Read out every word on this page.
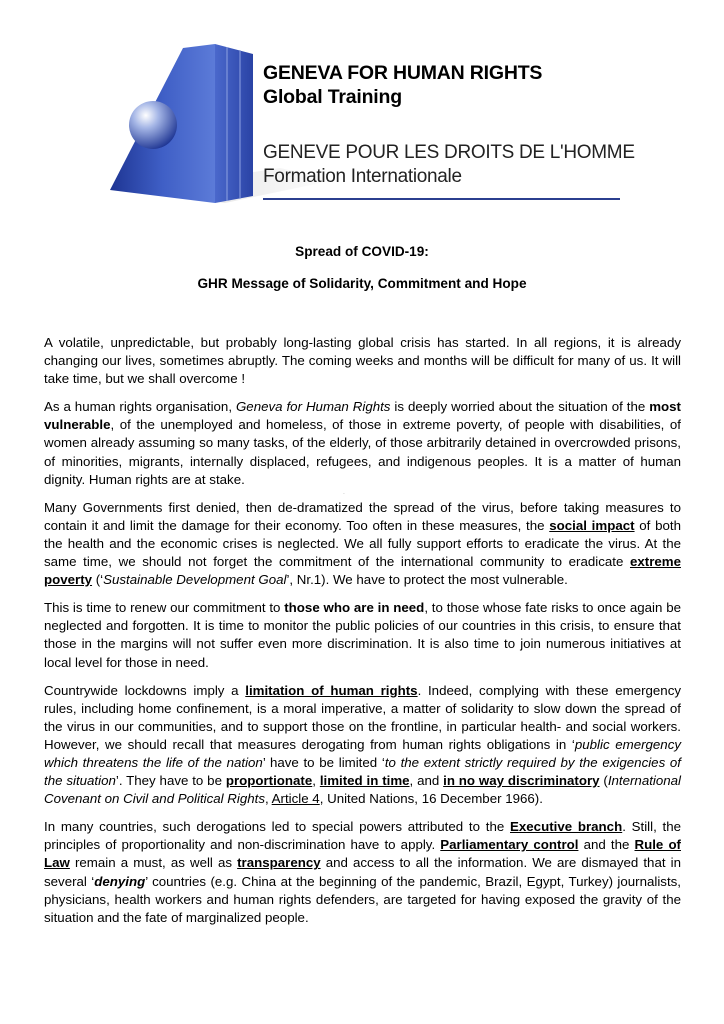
GENEVA FOR HUMAN RIGHTS
Global Training
GENEVE POUR LES DROITS DE L'HOMME
Formation Internationale
Spread of COVID-19:
GHR Message of Solidarity, Commitment and Hope
·

A volatile, unpredictable, but probably long-lasting global crisis has started. In all regions, it is already changing our lives, sometimes abruptly. The coming weeks and months will be difficult for many of us. It will take time, but we shall overcome !

As a human rights organisation, Geneva for Human Rights is deeply worried about the situation of the most vulnerable, of the unemployed and homeless, of those in extreme poverty, of people with disabilities, of women already assuming so many tasks, of the elderly, of those arbitrarily detained in overcrowded prisons, of minorities, migrants, internally displaced, refugees, and indigenous peoples. It is a matter of human dignity. Human rights are at stake.

Many Governments first denied, then de-dramatized the spread of the virus, before taking measures to contain it and limit the damage for their economy. Too often in these measures, the social impact of both the health and the economic crises is neglected. We all fully support efforts to eradicate the virus. At the same time, we should not forget the commitment of the international community to eradicate extreme poverty (‘Sustainable Development Goal’, Nr.1). We have to protect the most vulnerable.

This is time to renew our commitment to those who are in need, to those whose fate risks to once again be neglected and forgotten. It is time to monitor the public policies of our countries in this crisis, to ensure that those in the margins will not suffer even more discrimination. It is also time to join numerous initiatives at local level for those in need.

Countrywide lockdowns imply a limitation of human rights. Indeed, complying with these emergency rules, including home confinement, is a moral imperative, a matter of solidarity to slow down the spread of the virus in our communities, and to support those on the frontline, in particular health- and social workers. However, we should recall that measures derogating from human rights obligations in ‘public emergency which threatens the life of the nation’ have to be limited ‘to the extent strictly required by the exigencies of the situation’. They have to be proportionate, limited in time, and in no way discriminatory (International Covenant on Civil and Political Rights, Article 4, United Nations, 16 December 1966).

In many countries, such derogations led to special powers attributed to the Executive branch. Still, the principles of proportionality and non-discrimination have to apply. Parliamentary control and the Rule of Law remain a must, as well as transparency and access to all the information. We are dismayed that in several ‘denying’ countries (e.g. China at the beginning of the pandemic, Brazil, Egypt, Turkey) journalists, physicians, health workers and human rights defenders, are targeted for having exposed the gravity of the situation and the fate of marginalized people.
